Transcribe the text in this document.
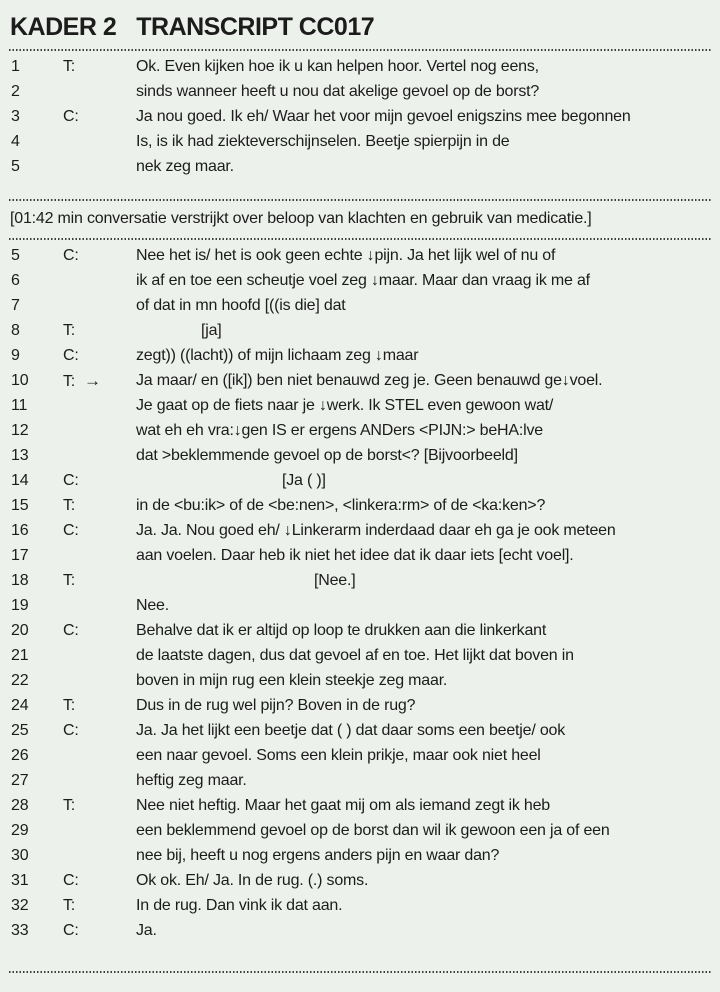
KADER 2 TRANSCRIPT CC017
1	T:	Ok. Even kijken hoe ik u kan helpen hoor. Vertel nog eens,
2	sinds wanneer heeft u nou dat akelige gevoel op de borst?
3	C:	Ja nou goed. Ik eh/ Waar het voor mijn gevoel enigszins mee begonnen
4	Is, is ik had ziekteverschijnselen. Beetje spierpijn in de
5	nek zeg maar.
[01:42 min conversatie verstrijkt over beloop van klachten en gebruik van medicatie.]
5	C:	Nee het is/ het is ook geen echte ↓pijn. Ja het lijk wel of nu of
6	ik af en toe een scheutje voel zeg ↓maar. Maar dan vraag ik me af
7	of dat in mn hoofd [((is die] dat
8	T:	[ja]
9	C:	zegt)) ((lacht)) of mijn lichaam zeg ↓maar
10	T: →	Ja maar/ en ([ik]) ben niet benauwd zeg je. Geen benauwd ge↓voel.
11	Je gaat op de fiets naar je ↓werk. Ik STEL even gewoon wat/
12	wat eh eh vra:↓gen IS er ergens ANDers <PIJN:> beHA:lve
13	dat >beklemmende gevoel op de borst<? [Bijvoorbeeld]
14	C:	[Ja ( )]
15	T:	in de <bu:ik> of de <be:nen>, <linkera:rm> of de <ka:ken>?
16	C:	Ja. Ja. Nou goed eh/ ↓Linkerarm inderdaad daar eh ga je ook meteen
17	aan voelen. Daar heb ik niet het idee dat ik daar iets [echt voel].
18	T:	[Nee.]
19	Nee.
20	C:	Behalve dat ik er altijd op loop te drukken aan die linkerkant
21	de laatste dagen, dus dat gevoel af en toe. Het lijkt dat boven in
22	boven in mijn rug een klein steekje zeg maar.
24	T:	Dus in de rug wel pijn? Boven in de rug?
25	C:	Ja. Ja het lijkt een beetje dat ( ) dat daar soms een beetje/ ook
26	een naar gevoel. Soms een klein prikje, maar ook niet heel
27	heftig zeg maar.
28	T:	Nee niet heftig. Maar het gaat mij om als iemand zegt ik heb
29	een beklemmend gevoel op de borst dan wil ik gewoon een ja of een
30	nee bij, heeft u nog ergens anders pijn en waar dan?
31	C:	Ok ok. Eh/ Ja. In de rug. (.) soms.
32	T:	In de rug. Dan vink ik dat aan.
33	C:	Ja.
